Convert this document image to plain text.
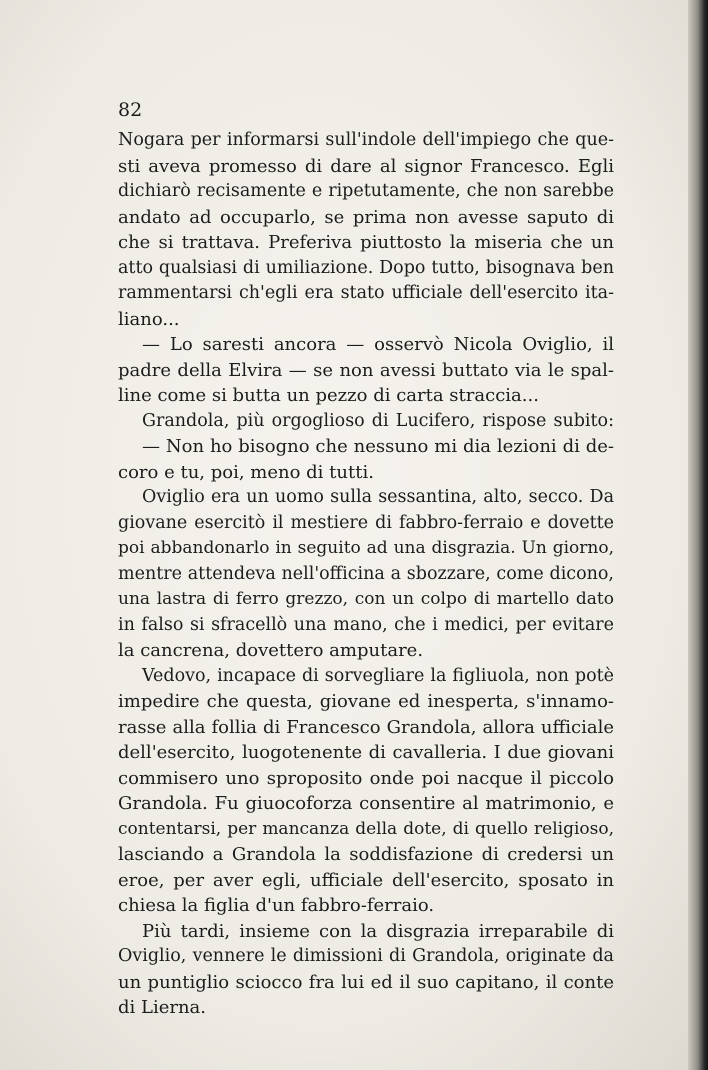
82
Nogara per informarsi sull'indole dell'impiego che que-
sti aveva promesso di dare al signor Francesco. Egli
dichiarò recisamente e ripetutamente, che non sarebbe
andato ad occuparlo, se prima non avesse saputo di
che si trattava. Preferiva piuttosto la miseria che un
atto qualsiasi di umiliazione. Dopo tutto, bisognava ben
rammentarsi ch'egli era stato ufficiale dell'esercito ita-
liano...
— Lo saresti ancora — osservò Nicola Oviglio, il
padre della Elvira — se non avessi buttato via le spal-
line come si butta un pezzo di carta straccia...
Grandola, più orgoglioso di Lucifero, rispose subito:
— Non ho bisogno che nessuno mi dia lezioni di de-
coro e tu, poi, meno di tutti.
Oviglio era un uomo sulla sessantina, alto, secco. Da
giovane esercitò il mestiere di fabbro-ferraio e dovette
poi abbandonarlo in seguito ad una disgrazia. Un giorno,
mentre attendeva nell'officina a sbozzare, come dicono,
una lastra di ferro grezzo, con un colpo di martello dato
in falso si sfracellò una mano, che i medici, per evitare
la cancrena, dovettero amputare.
Vedovo, incapace di sorvegliare la figliuola, non potè
impedire che questa, giovane ed inesperta, s'innamo-
rasse alla follia di Francesco Grandola, allora ufficiale
dell'esercito, luogotenente di cavalleria. I due giovani
commisero uno sproposito onde poi nacque il piccolo
Grandola. Fu giuocoforza consentire al matrimonio, e
contentarsi, per mancanza della dote, di quello religioso,
lasciando a Grandola la soddisfazione di credersi un
eroe, per aver egli, ufficiale dell'esercito, sposato in
chiesa la figlia d'un fabbro-ferraio.
Più tardi, insieme con la disgrazia irreparabile di
Oviglio, vennere le dimissioni di Grandola, originate da
un puntiglio sciocco fra lui ed il suo capitano, il conte
di Lierna.
